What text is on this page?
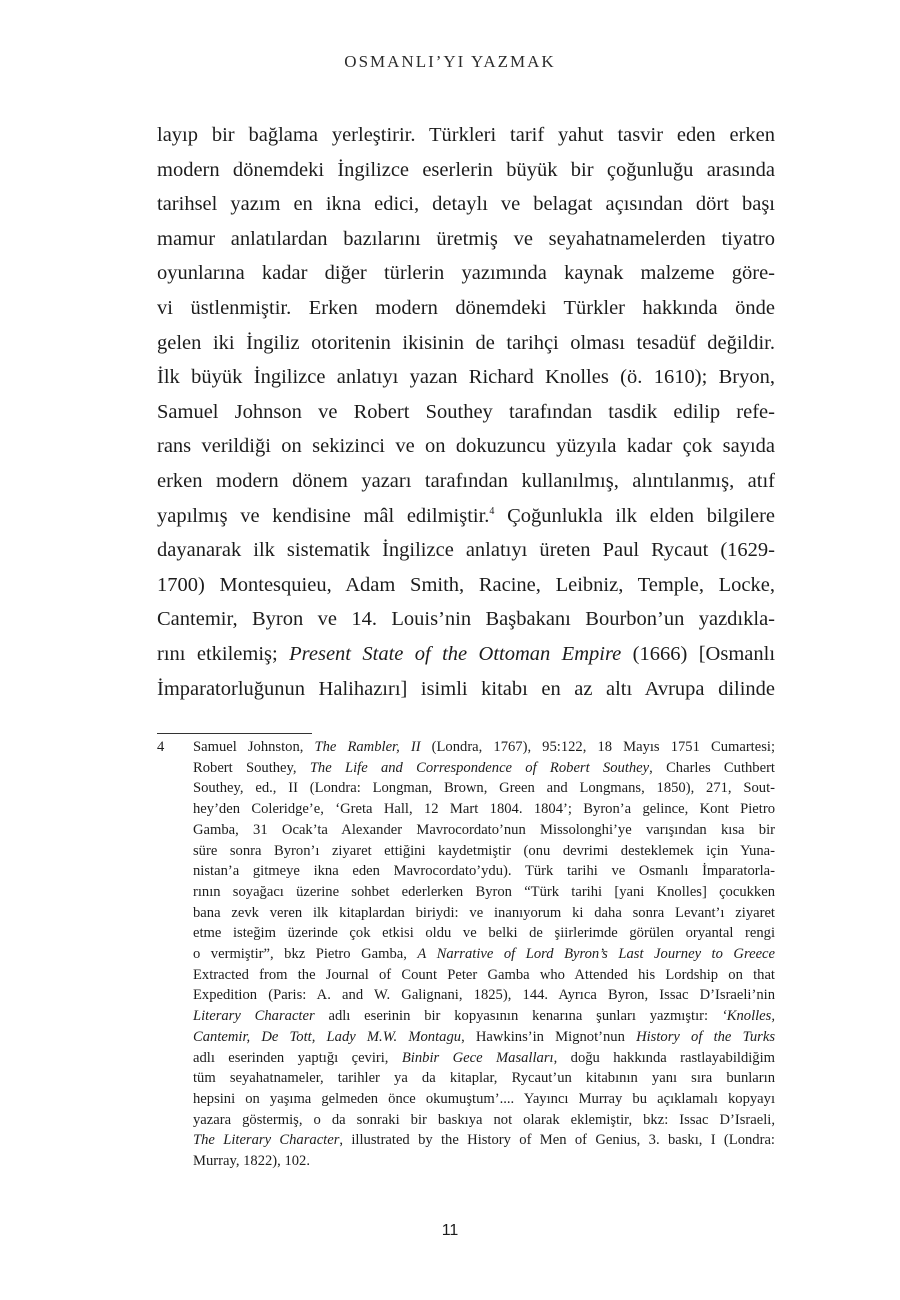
OSMANLI’YI YAZMAK
layıp bir bağlama yerleştirir. Türkleri tarif yahut tasvir eden erken
modern dönemdeki İngilizce eserlerin büyük bir çoğunluğu arasında
tarihsel yazım en ikna edici, detaylı ve belagat açısından dört başı
mamur anlatılardan bazılarını üretmiş ve seyahatnamelerden tiyatro
oyunlarına kadar diğer türlerin yazımında kaynak malzeme göre-
vi üstlenmiştir. Erken modern dönemdeki Türkler hakkında önde
gelen iki İngiliz otoritenin ikisinin de tarihçi olması tesadüf değildir.
İlk büyük İngilizce anlatıyı yazan Richard Knolles (ö. 1610); Bryon,
Samuel Johnson ve Robert Southey tarafından tasdik edilip refe-
rans verildiği on sekizinci ve on dokuzuncu yüzyıla kadar çok sayıda
erken modern dönem yazarı tarafından kullanılmış, alıntılanmış, atıf
yapılmış ve kendisine mâl edilmiştir.$^4$ Çoğunlukla ilk elden bilgilere
dayanarak ilk sistematik İngilizce anlatıyı üreten Paul Rycaut (1629-
1700) Montesquieu, Adam Smith, Racine, Leibniz, Temple, Locke,
Cantemir, Byron ve 14. Louis’nin Başbakanı Bourbon’un yazdıkla-
rını etkilemiş; Present State of the Ottoman Empire (1666) [Osmanlı
İmparatorluğunun Halihazırı] isimli kitabı en az altı Avrupa dilinde
4 Samuel Johnston, The Rambler, II (Londra, 1767), 95:122, 18 Mayıs 1751 Cumartesi;
Robert Southey, The Life and Correspondence of Robert Southey, Charles Cuthbert
Southey, ed., II (Londra: Longman, Brown, Green and Longmans, 1850), 271, Sout-
hey’den Coleridge’e, ‘Greta Hall, 12 Mart 1804. 1804’; Byron’a gelince, Kont Pietro
Gamba, 31 Ocak’ta Alexander Mavrocordato’nun Missolonghi’ye varışından kısa bir
süre sonra Byron’ı ziyaret ettiğini kaydetmiştir (onu devrimi desteklemek için Yuna-
nistan’a gitmeye ikna eden Mavrocordato’ydu). Türk tarihi ve Osmanlı İmparatorla-
rının soyağacı üzerine sohbet ederlerken Byron “Türk tarihi [yani Knolles] çocukken
bana zevk veren ilk kitaplardan biriydi: ve inanıyorum ki daha sonra Levant’ı ziyaret
etme isteğim üzerinde çok etkisi oldu ve belki de şiirlerimde görülen oryantal rengi
o vermiştir”, bkz Pietro Gamba, A Narrative of Lord Byron’s Last Journey to Greece
Extracted from the Journal of Count Peter Gamba who Attended his Lordship on that
Expedition (Paris: A. and W. Galignani, 1825), 144. Ayrıca Byron, Issac D’Israeli’nin
Literary Character adlı eserinin bir kopyasının kenarına şunları yazmıştır: ‘Knolles,
Cantemir, De Tott, Lady M.W. Montagu, Hawkins’in Mignot’nun History of the Turks
adlı eserinden yaptığı çeviri, Binbir Gece Masalları, doğu hakkında rastlayabildiğim
tüm seyahatnameler, tarihler ya da kitaplar, Rycaut’un kitabının yanı sıra bunların
hepsini on yaşıma gelmeden önce okumuştum’.... Yayıncı Murray bu açıklamalı kopyayı
yazara göstermiş, o da sonraki bir baskıya not olarak eklemiştir, bkz: Issac D’Israeli,
The Literary Character, illustrated by the History of Men of Genius, 3. baskı, I (Londra:
Murray, 1822), 102.
11
